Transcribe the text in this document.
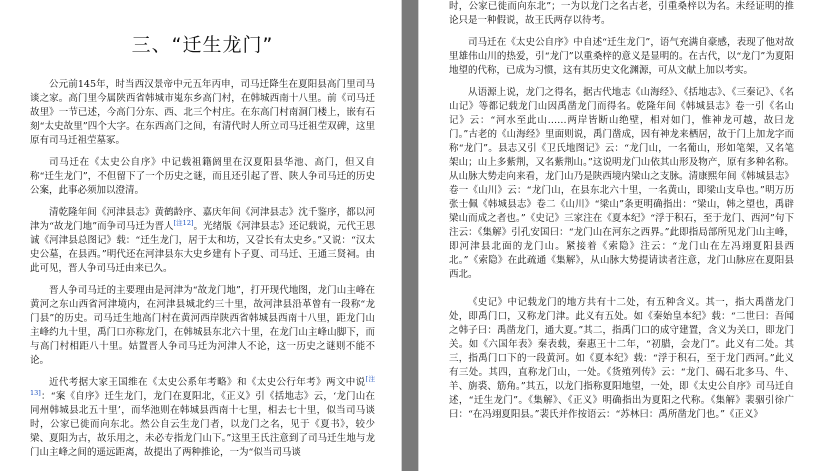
三、“迁生龙门”

公元前145年，时当西汉景帝中元五年丙申，司马迁降生在夏阳县高门里司马谈之家。高门里今属陕西省韩城市嵬东乡高门村，在韩城西南十八里。前《司马迁故里》一节已述，今高门分东、西、北三个村庄。在东高门村南洞门楼上，嵌有石刻“太史故里”四个大字。在东西高门之间，有清代时人所立司马迁祖茔双碑，这里原有司马迁祖茔墓冢。

司马迁在《太史公自序》中记载祖籍阏里在汉夏阳县华池、高门，但又自称“迁生龙门”，不但留下了一个历史之谜，而且还引起了晋、陕人争司马迁的历史公案，此事必须加以澄清。

清乾隆年间《河津县志》黄鹤龄序、嘉庆年间《河津县志》沈千鉴序，都以河津为“故龙门地”而争司马迁为晋人[注12]。光绪版《河津县志》还记载说，元代王思诚《河津县总图记》载：“迁生龙门，居于太和坊，又갈长有太史乡。”又说：“汉太史公墓，在县西。”明代还在河津县东大史乡建有卜子夏、司马迁、王通三贤祠。由此可见，晋人争司马迁由来已久。

晋人争司马迁的主要理由是河津为“故龙门地”，打开现代地图，龙门山主峰在黄河之东山西省河津境内，在河津县城北约三十里，故河津县沿革曾有一段称“龙门县”的历史。司马迁生地高门村在黄河西岸陕西省韩城县西南十八里，距龙门山主峰约九十里，禹门口亦称龙门，在韩城县东北六十里，在龙门山主峰山脚下，而与高门村相距八十里。姑置晋人争司马迁为河津人不论，这一历史之谜则不能不论。

近代考据大家王国维在《太史公系年考略》和《太史公行年考》两文中说[注13]：“案《自序》迁生龙门，龙门在夏阳北，《正义》引《括地志》云，‘龙门山在同州韩城县北五十里’，而华池则在韩城县西南十七里，相去七十里，似当司马谈时，公家已徙而向东北。然公自云生龙门者，以龙门之名，见于《夏书》，较少梁、夏阳为古，故乐用之，未必专指龙门山下。”这里王氏注意到了司马迁生地与龙门山主峰之间的遥远距离，故提出了两种推论，一为“似当司马谈

时，公家已徙而向东北”；一为以龙门之名古老，引重桑梓以为名。未经证明的推论只是一种假说，故王氏两存以待考。

司马迁在《太史公自序》中自述“迁生龙门”，语气充满自豪感，表现了他对故里雄伟山川的热爱，引“龙门”以重桑梓的意义是显明的。在古代，以“龙门”为夏阳地望的代称，已成为习惯，这有其历史文化渊源，可从文献上加以考实。

从语源上说，龙门之得名，据古代地志《山海经》、《括地志》、《三秦记》、《名山记》等都记载龙门山因禹凿龙门而得名。乾隆年间《韩城县志》卷一引《名山记》云：“河水至此山……两岸皆断山绝壁，相对如门，惟神龙可越，故曰龙门。”古老的《山海经》里面则说，禹门凿成，因有神龙来栖居，故于门上加龙字而称“龙门”。县志又引《卫氏地图记》云：“龙门山，一名葡山，形如笔架，又名笔架山；山上多紫荆，又名紫荆山。”这说明龙门山依其山形及物产，原有多种名称。从山脉大势走向来看，龙门山乃是陕西境内梁山之支脉。清康熙年间《韩城县志》卷一《山川》云：“龙门山，在县东北六十里，一名黄山，即梁山支阜也。”明万历张士佩《韩城县志》卷二《山川》“梁山”条更明确指出：“梁山，韩之望也，禹辟梁山而成之者也。”《史记》三家注在《夏本纪》“浮于积石，至于龙门、西河”句下注云：《集解》引孔安国曰：“龙门山在河东之西界。”此即指局部所见龙门山主峰，即河津县北面的龙门山。紧接着《索隐》注云：“龙门山在左冯翊夏阳县西北。”《索隐》在此疏通《集解》，从山脉大势提请读者注意，龙门山脉应在夏阳县西北。

《史记》中记载龙门的地方共有十二处，有五种含义。其一，指大禹凿龙门处，即禹门口，又称龙门津。此义有五处。如《秦始皇本纪》载：“二世曰：吾闻之韩子曰：禹凿龙门，通大夏。”其二，指禹门口的成守建置，含义为关口，即龙门关。如《六国年表》秦表载，秦惠王十二年，“初腊，会龙门”。此义有二处。其三，指禹门口下的一段黄河。如《夏本纪》载：“浮于积石，至于龙门西河。”此义有三处。其四，直称龙门山，一处。《货殖列传》云：“龙门、碣石北多马、牛、羊、旃裘、筋角。”其五，以龙门指称夏阳地望，一处，即《太史公自序》司马迁自述，“迁生龙门”。《集解》、《正义》明确指出为夏阳之代称。《集解》裴骃引徐广曰：“在冯翊夏阳县。”裴氏并作按语云：“苏林曰：禹所凿龙门也。”《正义》
